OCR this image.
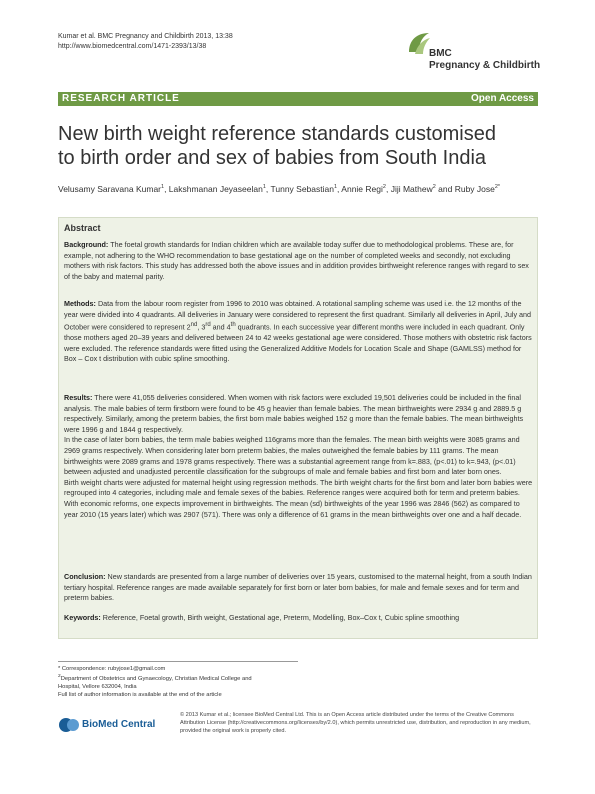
Kumar et al. BMC Pregnancy and Childbirth 2013, 13:38
http://www.biomedcentral.com/1471-2393/13/38
BMC
Pregnancy & Childbirth
RESEARCH ARTICLE	Open Access
New birth weight reference standards customised
to birth order and sex of babies from South India
Velusamy Saravana Kumar$^1$, Lakshmanan Jeyaseelan$^1$, Tunny Sebastian$^1$, Annie Regi$^2$, Jiji Mathew$^2$ and Ruby Jose$^{2*}$
Abstract
Background: The foetal growth standards for Indian children which are available today suffer due to methodological problems. These are, for example, not adhering to the WHO recommendation to base gestational age on the number of completed weeks and secondly, not excluding mothers with risk factors. This study has addressed both the above issues and in addition provides birthweight reference ranges with regard to sex of the baby and maternal parity.
Methods: Data from the labour room register from 1996 to 2010 was obtained. A rotational sampling scheme was used i.e. the 12 months of the year were divided into 4 quadrants. All deliveries in January were considered to represent the first quadrant. Similarly all deliveries in April, July and October were considered to represent 2nd, 3rd and 4th quadrants. In each successive year different months were included in each quadrant. Only those mothers aged 20–39 years and delivered between 24 to 42 weeks gestational age were considered. Those mothers with obstetric risk factors were excluded. The reference standards were fitted using the Generalized Additive Models for Location Scale and Shape (GAMLSS) method for Box – Cox t distribution with cubic spline smoothing.
Results: There were 41,055 deliveries considered. When women with risk factors were excluded 19,501 deliveries could be included in the final analysis. The male babies of term firstborn were found to be 45 g heavier than female babies. The mean birthweights were 2934 g and 2889.5 g respectively. Similarly, among the preterm babies, the first born male babies weighed 152 g more than the female babies. The mean birthweights were 1996 g and 1844 g respectively.
In the case of later born babies, the term male babies weighed 116grams more than the females. The mean birth weights were 3085 grams and 2969 grams respectively. When considering later born preterm babies, the males outweighed the female babies by 111 grams. The mean birthweights were 2089 grams and 1978 grams respectively. There was a substantial agreement range from k=.883, (p<.01) to k=.943, (p<.01) between adjusted and unadjusted percentile classification for the subgroups of male and female babies and first born and later born ones.
Birth weight charts were adjusted for maternal height using regression methods. The birth weight charts for the first born and later born babies were regrouped into 4 categories, including male and female sexes of the babies. Reference ranges were acquired both for term and preterm babies.
With economic reforms, one expects improvement in birthweights. The mean (sd) birthweights of the year 1996 was 2846 (562) as compared to year 2010 (15 years later) which was 2907 (571). There was only a difference of 61 grams in the mean birthweights over one and a half decade.
Conclusion: New standards are presented from a large number of deliveries over 15 years, customised to the maternal height, from a south Indian tertiary hospital. Reference ranges are made available separately for first born or later born babies, for male and female sexes and for term and preterm babies.
Keywords: Reference, Foetal growth, Birth weight, Gestational age, Preterm, Modelling, Box–Cox t, Cubic spline smoothing
* Correspondence: rubyjose1@gmail.com
$^2$Department of Obstetrics and Gynaecology, Christian Medical College and
Hospital, Vellore 632004, India
Full list of author information is available at the end of the article
BioMed Central
© 2013 Kumar et al.; licensee BioMed Central Ltd. This is an Open Access article distributed under the terms of the Creative Commons Attribution License (http://creativecommons.org/licenses/by/2.0), which permits unrestricted use, distribution, and reproduction in any medium, provided the original work is properly cited.
